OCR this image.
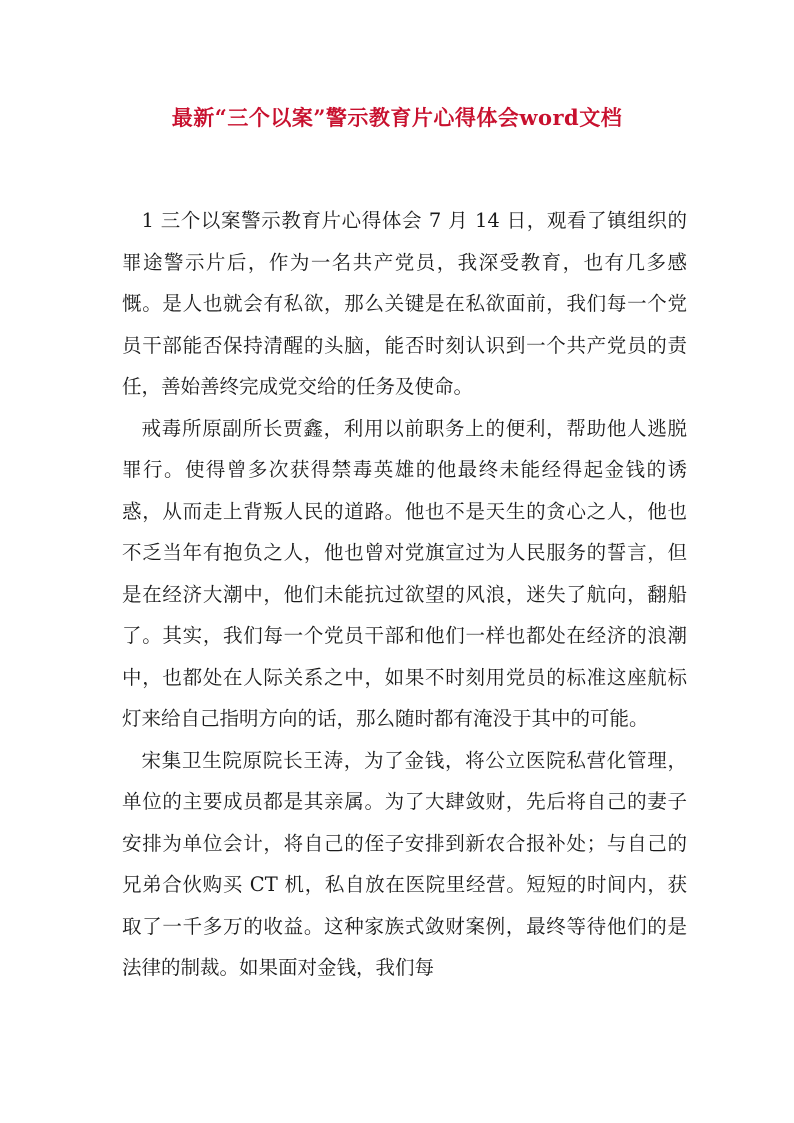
最新“三个以案”警示教育片心得体会word文档

1 三个以案警示教育片心得体会 7 月 14 日，观看了镇组织的罪途警示片后，作为一名共产党员，我深受教育，也有几多感慨。是人也就会有私欲，那么关键是在私欲面前，我们每一个党员干部能否保持清醒的头脑，能否时刻认识到一个共产党员的责任，善始善终完成党交给的任务及使命。

戒毒所原副所长贾鑫，利用以前职务上的便利，帮助他人逃脱罪行。使得曾多次获得禁毒英雄的他最终未能经得起金钱的诱惑，从而走上背叛人民的道路。他也不是天生的贪心之人，他也不乏当年有抱负之人，他也曾对党旗宣过为人民服务的誓言，但是在经济大潮中，他们未能抗过欲望的风浪，迷失了航向，翻船了。其实，我们每一个党员干部和他们一样也都处在经济的浪潮中，也都处在人际关系之中，如果不时刻用党员的标准这座航标灯来给自己指明方向的话，那么随时都有淹没于其中的可能。

宋集卫生院原院长王涛，为了金钱，将公立医院私营化管理，单位的主要成员都是其亲属。为了大肆敛财，先后将自己的妻子安排为单位会计，将自己的侄子安排到新农合报补处；与自己的兄弟合伙购买 CT 机，私自放在医院里经营。短短的时间内，获取了一千多万的收益。这种家族式敛财案例，最终等待他们的是法律的制裁。如果面对金钱，我们每
